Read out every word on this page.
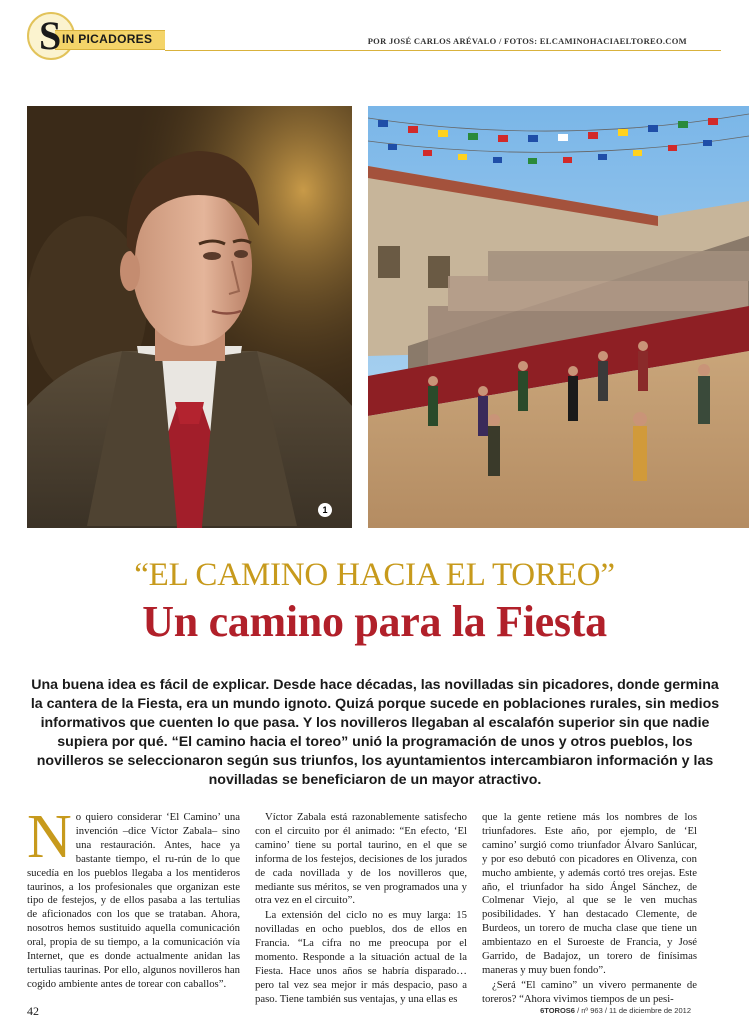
S IN PICADORES	POR JOSÉ CARLOS ARÉVALO / FOTOS: ELCAMINOHACIAELTOREO.COM
1
“EL CAMINO HACIA EL TOREO”
Un camino para la Fiesta
Una buena idea es fácil de explicar. Desde hace décadas, las novilladas sin picadores, donde germina la cantera de la Fiesta, era un mundo ignoto. Quizá porque sucede en poblaciones rurales, sin medios informativos que cuenten lo que pasa. Y los novilleros llegaban al escalafón superior sin que nadie supiera por qué. “El camino hacia el toreo” unió la programación de unos y otros pueblos, los novilleros se seleccionaron según sus triunfos, los ayuntamientos intercambiaron información y las novilladas se beneficiaron de un mayor atractivo.
N o quiero considerar ‘El Camino’ una invención –dice Víctor Zabala– sino una restauración. Antes, hace ya bastante tiempo, el ru-rún de lo que sucedía en los pueblos llegaba a los mentideros taurinos, a los profesionales que organizan este tipo de festejos, y de ellos pasaba a las tertulias de aficionados con los que se trataban. Ahora, nosotros hemos sustituido aquella comunicación oral, propia de su tiempo, a la comunicación vía Internet, que es donde actualmente anidan las tertulias taurinas. Por ello, algunos novilleros han cogido ambiente antes de torear con caballos”.

Víctor Zabala está razonablemente satisfecho con el circuito por él animado: “En efecto, ‘El camino’ tiene su portal taurino, en el que se informa de los festejos, decisiones de los jurados de cada novillada y de los novilleros que, mediante sus méritos, se ven programados una y otra vez en el circuito”.

La extensión del ciclo no es muy larga: 15 novilladas en ocho pueblos, dos de ellos en Francia. “La cifra no me preocupa por el momento. Responde a la situación actual de la Fiesta. Hace unos años se habría disparado… pero tal vez sea mejor ir más despacio, paso a paso. Tiene también sus ventajas, y una ellas es

que la gente retiene más los nombres de los triunfadores. Este año, por ejemplo, de ‘El camino’ surgió como triunfador Álvaro Sanlúcar, y por eso debutó con picadores en Olivenza, con mucho ambiente, y además cortó tres orejas. Este año, el triunfador ha sido Ángel Sánchez, de Colmenar Viejo, al que se le ven muchas posibilidades. Y han destacado Clemente, de Burdeos, un torero de mucha clase que tiene un ambientazo en el Suroeste de Francia, y José Garrido, de Badajoz, un torero de finísimas maneras y muy buen fondo”.

¿Será “El camino” un vivero permanente de toreros? “Ahora vivimos tiempos de un pesi-

42	6TOROS6 / nº 963 / 11 de diciembre de 2012
